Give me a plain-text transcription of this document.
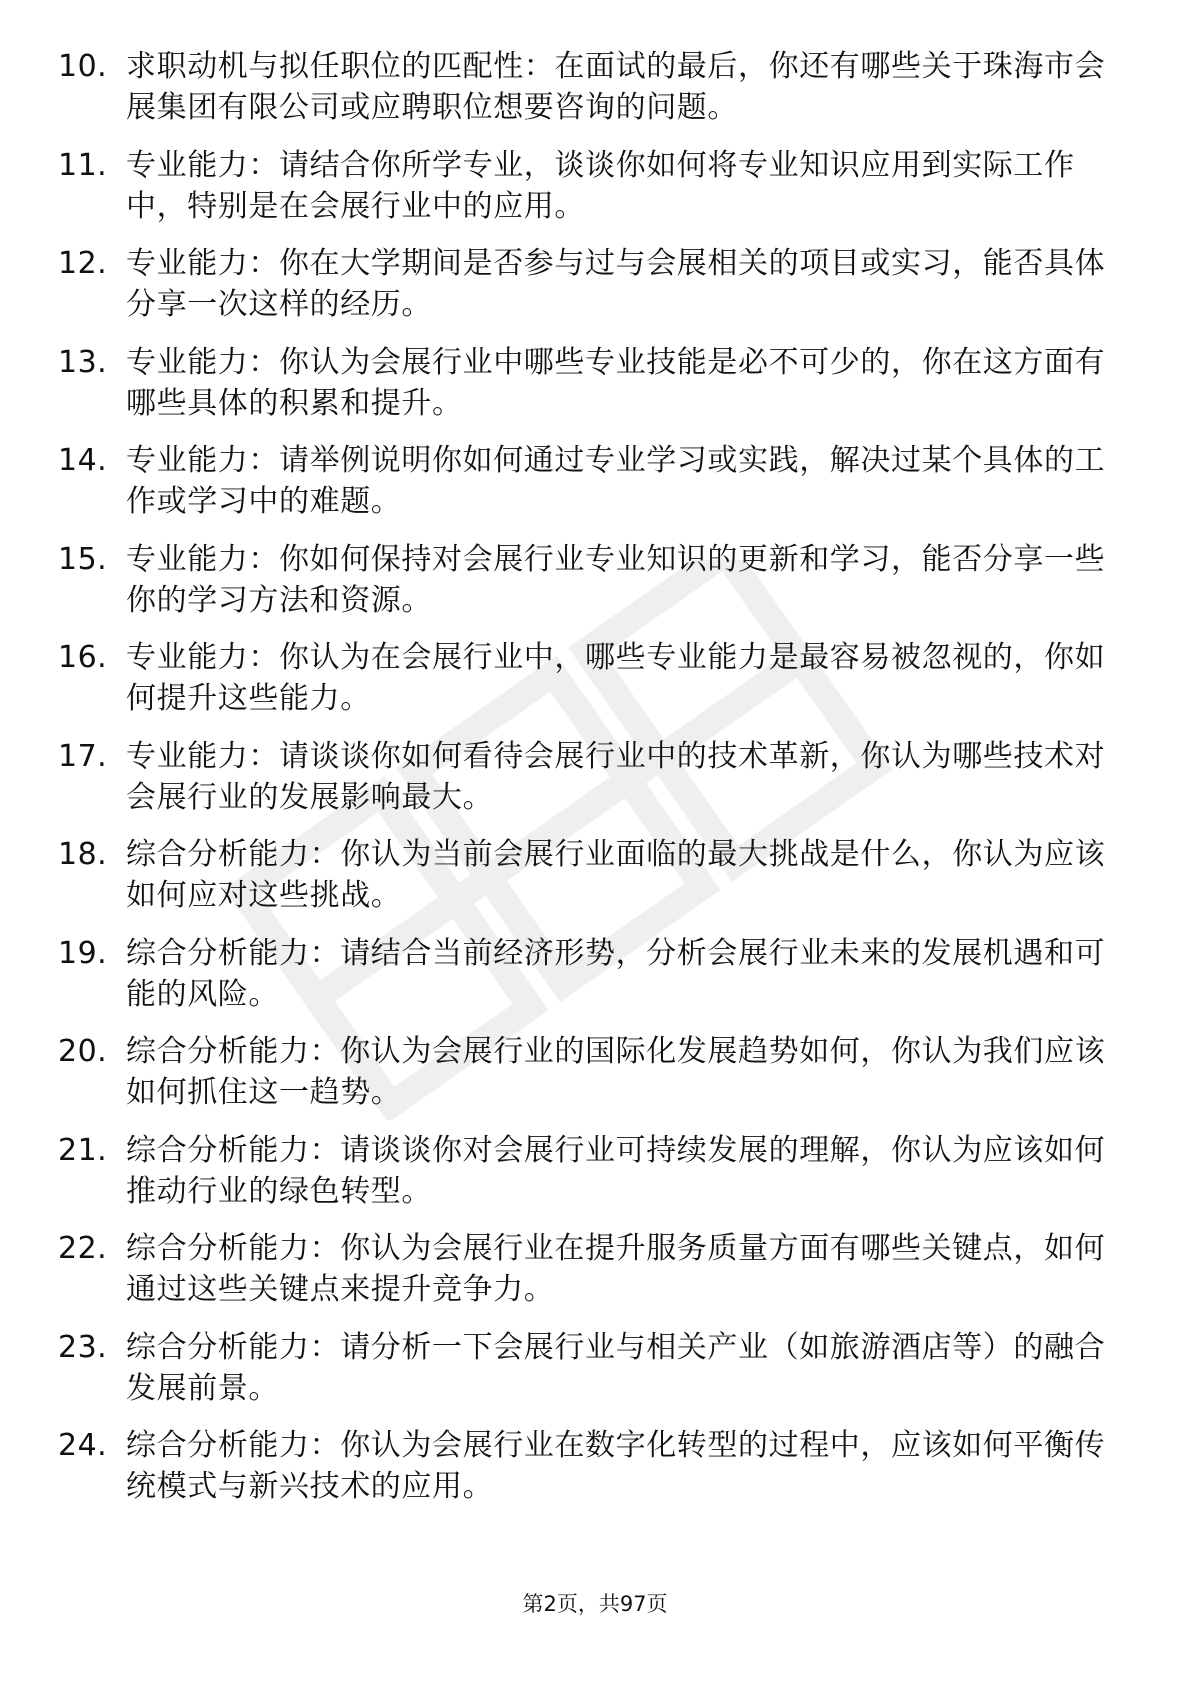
10. 求职动机与拟任职位的匹配性：在面试的最后，你还有哪些关于珠海市会展集团有限公司或应聘职位想要咨询的问题。
11. 专业能力：请结合你所学专业，谈谈你如何将专业知识应用到实际工作中，特别是在会展行业中的应用。
12. 专业能力：你在大学期间是否参与过与会展相关的项目或实习，能否具体分享一次这样的经历。
13. 专业能力：你认为会展行业中哪些专业技能是必不可少的，你在这方面有哪些具体的积累和提升。
14. 专业能力：请举例说明你如何通过专业学习或实践，解决过某个具体的工作或学习中的难题。
15. 专业能力：你如何保持对会展行业专业知识的更新和学习，能否分享一些你的学习方法和资源。
16. 专业能力：你认为在会展行业中，哪些专业能力是最容易被忽视的，你如何提升这些能力。
17. 专业能力：请谈谈你如何看待会展行业中的技术革新，你认为哪些技术对会展行业的发展影响最大。
18. 综合分析能力：你认为当前会展行业面临的最大挑战是什么，你认为应该如何应对这些挑战。
19. 综合分析能力：请结合当前经济形势，分析会展行业未来的发展机遇和可能的风险。
20. 综合分析能力：你认为会展行业的国际化发展趋势如何，你认为我们应该如何抓住这一趋势。
21. 综合分析能力：请谈谈你对会展行业可持续发展的理解，你认为应该如何推动行业的绿色转型。
22. 综合分析能力：你认为会展行业在提升服务质量方面有哪些关键点，如何通过这些关键点来提升竞争力。
23. 综合分析能力：请分析一下会展行业与相关产业（如旅游酒店等）的融合发展前景。
24. 综合分析能力：你认为会展行业在数字化转型的过程中，应该如何平衡传统模式与新兴技术的应用。
第2页，共97页
